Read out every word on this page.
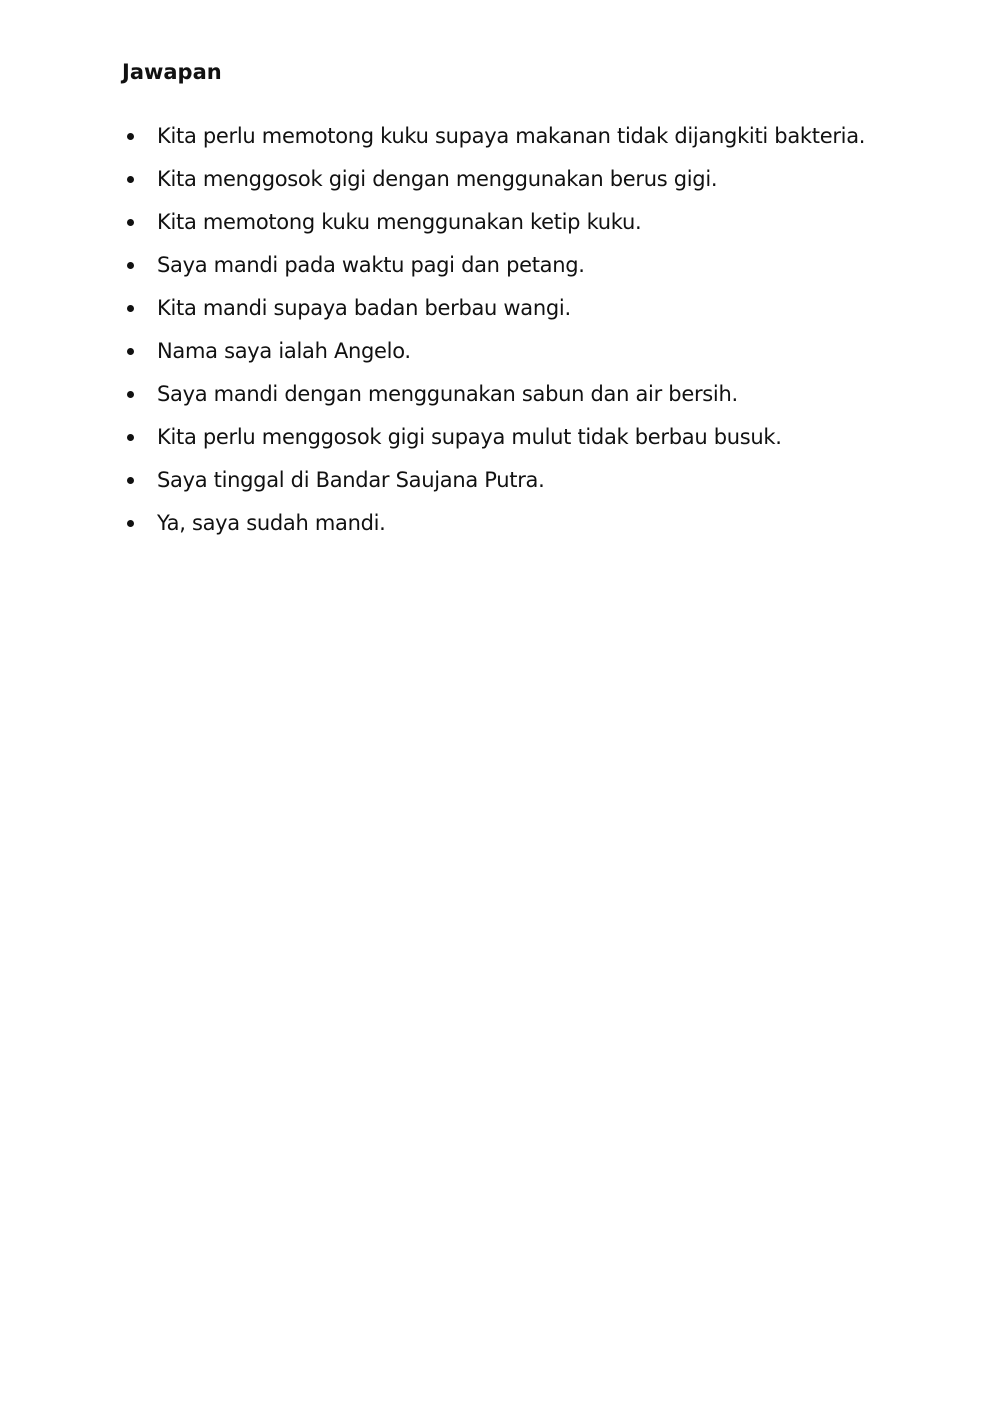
Jawapan
Kita perlu memotong kuku supaya makanan tidak dijangkiti bakteria.
Kita menggosok gigi dengan menggunakan berus gigi.
Kita memotong kuku menggunakan ketip kuku.
Saya mandi pada waktu pagi dan petang.
Kita mandi supaya badan berbau wangi.
Nama saya ialah Angelo.
Saya mandi dengan menggunakan sabun dan air bersih.
Kita perlu menggosok gigi supaya mulut tidak berbau busuk.
Saya tinggal di Bandar Saujana Putra.
Ya, saya sudah mandi.
